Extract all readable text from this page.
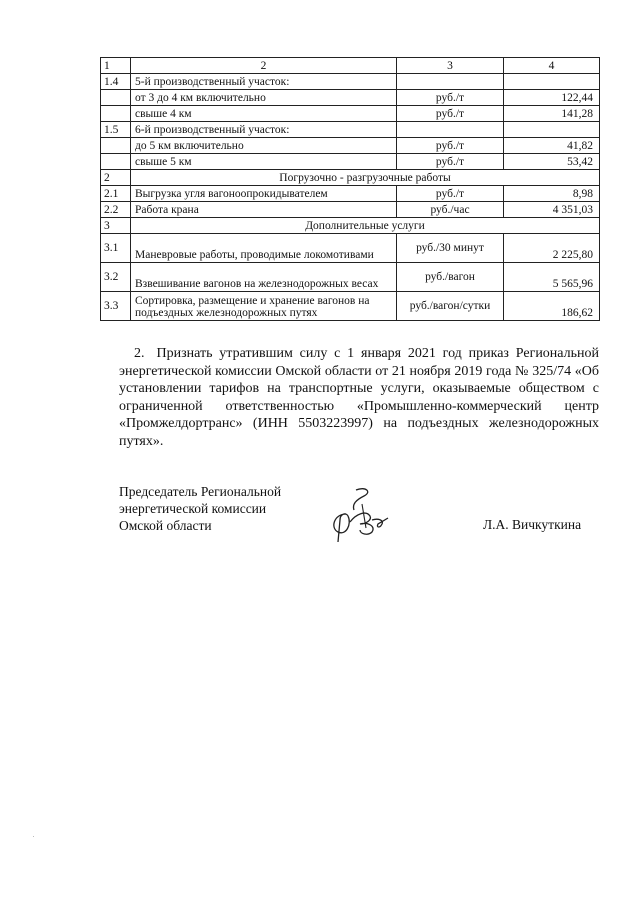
1	2	3	4
1.4	5-й производственный участок:		
	от 3 до 4 км включительно	руб./т	122,44
	свыше 4 км	руб./т	141,28
1.5	6-й производственный участок:		
	до 5 км включительно	руб./т	41,82
	свыше 5 км	руб./т	53,42
2	Погрузочно - разгрузочные работы		
2.1	Выгрузка угля вагоноопрокидывателем	руб./т	8,98
2.2	Работа крана	руб./час	4 351,03
3	Дополнительные услуги		
3.1	Маневровые работы, проводимые локомотивами	руб./30 минут	2 225,80
3.2	Взвешивание вагонов на железнодорожных весах	руб./вагон	5 565,96
3.3	Сортировка, размещение и хранение вагонов на подъездных железнодорожных путях	руб./вагон/сутки	186,62

2. Признать утратившим силу с 1 января 2021 год приказ Региональной энергетической комиссии Омской области от 21 ноября 2019 года № 325/74 «Об установлении тарифов на транспортные услуги, оказываемые обществом с ограниченной ответственностью «Промышленно-коммерческий центр «Промжелдортранс» (ИНН 5503223997) на подъездных железнодорожных путях».

Председатель Региональной
энергетической комиссии
Омской области	Л.А. Вичкуткина
